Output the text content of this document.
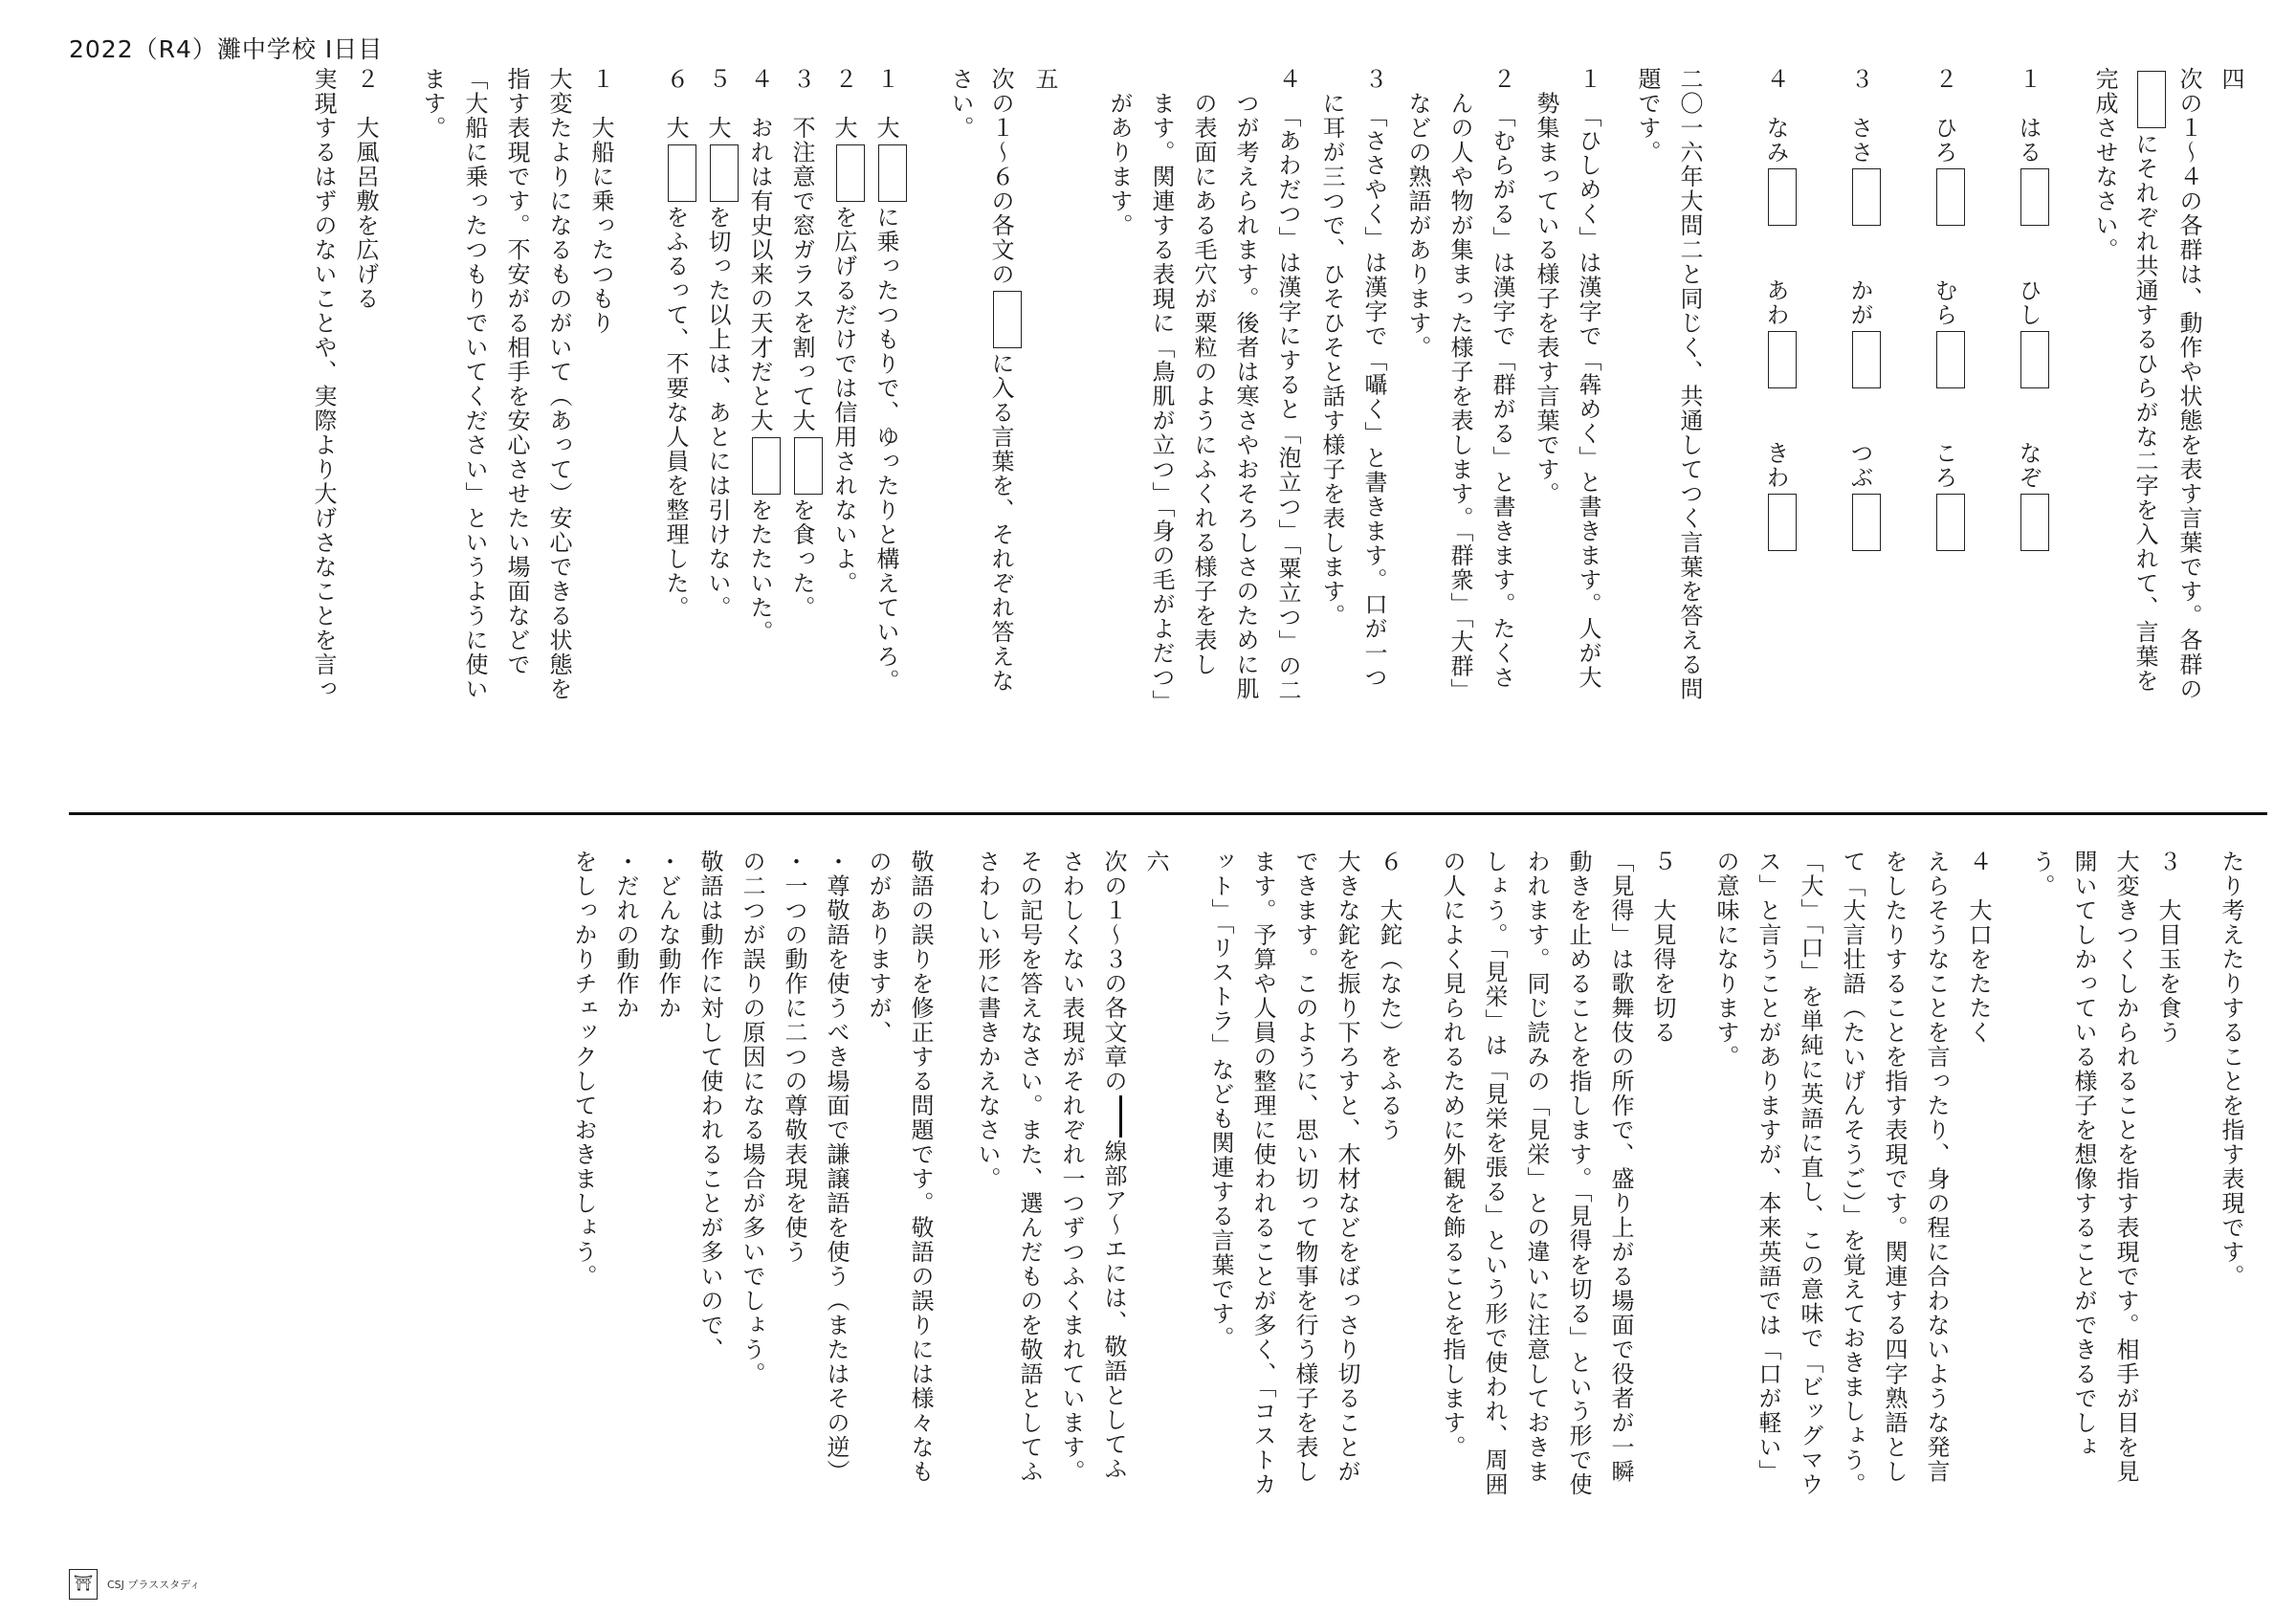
2022（R4）灘中学校 Ⅰ日目
四
次の１〜４の各群は、動作や状態を表す言葉です。各群の
にそれぞれ共通するひらがな二字を入れて、言葉を
完成させなさい。
１　はる　　ひし　　なぞ
２　ひろ　　むら　　ころ
３　ささ　　かが　　つぶ
４　なみ　　あわ　　きわ
二〇一六年大問二と同じく、共通してつく言葉を答える問
題です。
１　「ひしめく」は漢字で「犇めく」と書きます。人が大
　勢集まっている様子を表す言葉です。
２　「むらがる」は漢字で「群がる」と書きます。たくさ
　んの人や物が集まった様子を表します。「群衆」「大群」
　などの熟語があります。
３　「ささやく」は漢字で「囁く」と書きます。口が一つ
　に耳が三つで、ひそひそと話す様子を表します。
４　「あわだつ」は漢字にすると「泡立つ」「粟立つ」の二
　つが考えられます。後者は寒さやおそろしさのために肌
　の表面にある毛穴が粟粒のようにふくれる様子を表し
　ます。関連する表現に「鳥肌が立つ」「身の毛がよだつ」
　があります。
五
次の１〜６の各文のに入る言葉を、それぞれ答えな
さい。
１　大に乗ったつもりで、ゆったりと構えていろ。
２　大を広げるだけでは信用されないよ。
３　不注意で窓ガラスを割って大を食った。
４　おれは有史以来の天才だと大をたたいた。
５　大を切った以上は、あとには引けない。
６　大をふるって、不要な人員を整理した。
１　大船に乗ったつもり
大変たよりになるものがいて（あって）安心できる状態を
指す表現です。不安がる相手を安心させたい場面などで
「大船に乗ったつもりでいてください」というように使い
ます。
２　大風呂敷を広げる
実現するはずのないことや、実際より大げさなことを言っ
たり考えたりすることを指す表現です。
３　大目玉を食う
大変きつくしかられることを指す表現です。相手が目を見
開いてしかっている様子を想像することができるでしょ
う。
４　大口をたたく
えらそうなことを言ったり、身の程に合わないような発言
をしたりすることを指す表現です。関連する四字熟語とし
て「大言壮語（たいげんそうご）」を覚えておきましょう。
「大」「口」を単純に英語に直し、この意味で「ビッグマウ
ス」と言うことがありますが、本来英語では「口が軽い」
の意味になります。
５　大見得を切る
「見得」は歌舞伎の所作で、盛り上がる場面で役者が一瞬
動きを止めることを指します。「見得を切る」という形で使
われます。同じ読みの「見栄」との違いに注意しておきま
しょう。「見栄」は「見栄を張る」という形で使われ、周囲
の人によく見られるために外観を飾ることを指します。
６　大鉈（なた）をふるう
大きな鉈を振り下ろすと、木材などをばっさり切ることが
できます。このように、思い切って物事を行う様子を表し
ます。予算や人員の整理に使われることが多く、「コストカ
ット」「リストラ」なども関連する言葉です。
六
次の１〜３の各文章の線部ア〜エには、敬語としてふ
さわしくない表現がそれぞれ一つずつふくまれています。
その記号を答えなさい。また、選んだものを敬語としてふ
さわしい形に書きかえなさい。
敬語の誤りを修正する問題です。敬語の誤りには様々なも
のがありますが、
・尊敬語を使うべき場面で謙譲語を使う（またはその逆）
・一つの動作に二つの尊敬表現を使う
の二つが誤りの原因になる場合が多いでしょう。
敬語は動作に対して使われることが多いので、
・どんな動作か
・だれの動作か
をしっかりチェックしておきましょう。
⛩	CSJ プラススタディ
